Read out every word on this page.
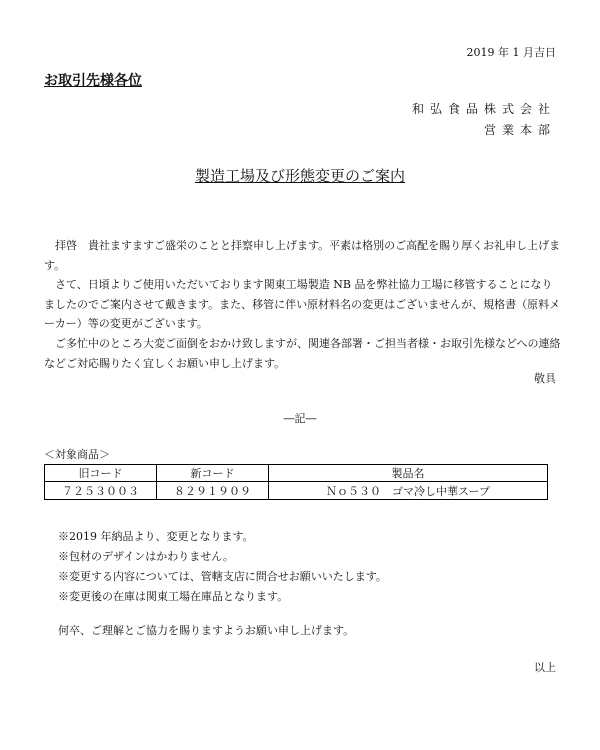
2019 年 1 月吉日
お取引先様各位
和弘食品株式会社
営業本部
製造工場及び形態変更のご案内

拝啓　貴社ますますご盛栄のことと拝察申し上げます。平素は格別のご高配を賜り厚くお礼申し上げます。

さて、日頃よりご使用いただいております関東工場製造 NB 品を弊社協力工場に移管することになりましたのでご案内させて戴きます。また、移管に伴い原材料名の変更はございませんが、規格書（原料メーカー）等の変更がございます。

ご多忙中のところ大変ご面倒をおかけ致しますが、関連各部署・ご担当者様・お取引先様などへの連絡などご対応賜りたく宜しくお願い申し上げます。

敬具
―記―
＜対象商品＞
旧コード	新コード	製品名
７２５３００３	８２９１９０９	Ｎｏ５３０　ゴマ冷し中華スープ
※2019 年納品より、変更となります。
※包材のデザインはかわりません。
※変更する内容については、管轄支店に問合せお願いいたします。
※変更後の在庫は関東工場在庫品となります。
何卒、ご理解とご協力を賜りますようお願い申し上げます。
以上
